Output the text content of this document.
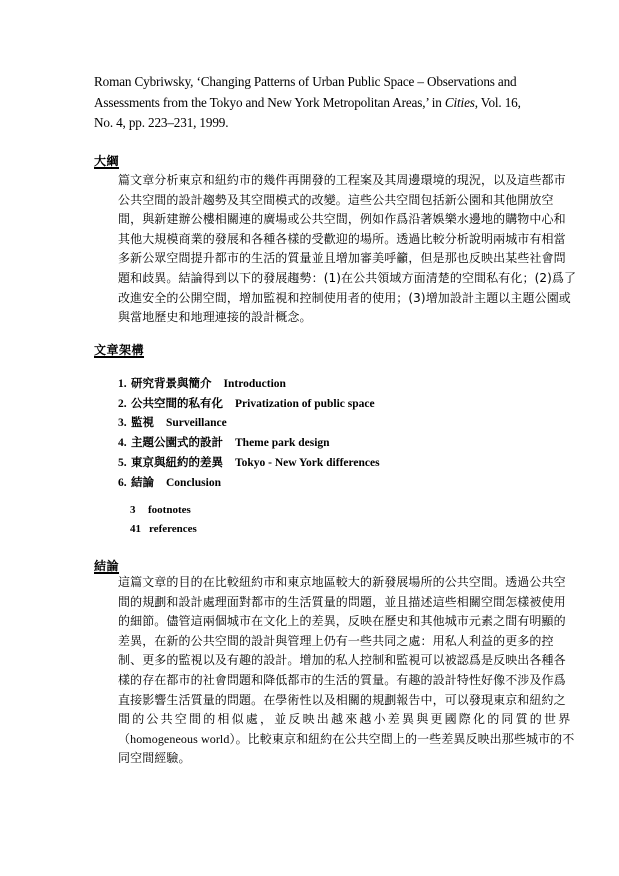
Roman Cybriwsky, ‘Changing Patterns of Urban Public Space – Observations and
Assessments from the Tokyo and New York Metropolitan Areas,’ in Cities, Vol. 16,
No. 4, pp. 223–231, 1999.
大綱
篇文章分析東京和紐約市的幾件再開發的工程案及其周邊環境的現況，以及這些都市
公共空間的設計趨勢及其空間模式的改變。這些公共空間包括新公園和其他開放空
間，與新建辦公樓相關連的廣場或公共空間，例如作爲沿著娛樂水邊地的購物中心和
其他大規模商業的發展和各種各樣的受歡迎的場所。透過比較分析說明兩城市有相當
多新公眾空間提升都市的生活的質量並且增加審美呼籲，但是那也反映出某些社會問
題和歧異。結論得到以下的發展趨勢：(1)在公共領域方面清楚的空間私有化；(2)爲了
改進安全的公開空間，增加監視和控制使用者的使用；(3)增加設計主題以主題公園或
與當地歷史和地理連接的設計概念。
文章架構
1. 研究背景與簡介 Introduction
2. 公共空間的私有化 Privatization of public space
3. 監視 Surveillance
4. 主題公園式的設計 Theme park design
5. 東京與紐約的差異 Tokyo - New York differences
6. 結論 Conclusion
3 footnotes
41 references
結論
這篇文章的目的在比較紐約市和東京地區較大的新發展場所的公共空間。透過公共空
間的規劃和設計處理面對都市的生活質量的問題，並且描述這些相關空間怎樣被使用
的細節。儘管這兩個城市在文化上的差異，反映在歷史和其他城市元素之間有明顯的
差異，在新的公共空間的設計與管理上仍有一些共同之處：用私人利益的更多的控
制、更多的監視以及有趣的設計。增加的私人控制和監視可以被認爲是反映出各種各
樣的存在都市的社會問題和降低都市的生活的質量。有趣的設計特性好像不涉及作爲
直接影響生活質量的問題。在學術性以及相關的規劃報告中，可以發現東京和紐約之
間的公共空間的相似處，並反映出越來越小差異與更國際化的同質的世界
（homogeneous world）。比較東京和紐約在公共空間上的一些差異反映出那些城市的不
同空間經驗。
